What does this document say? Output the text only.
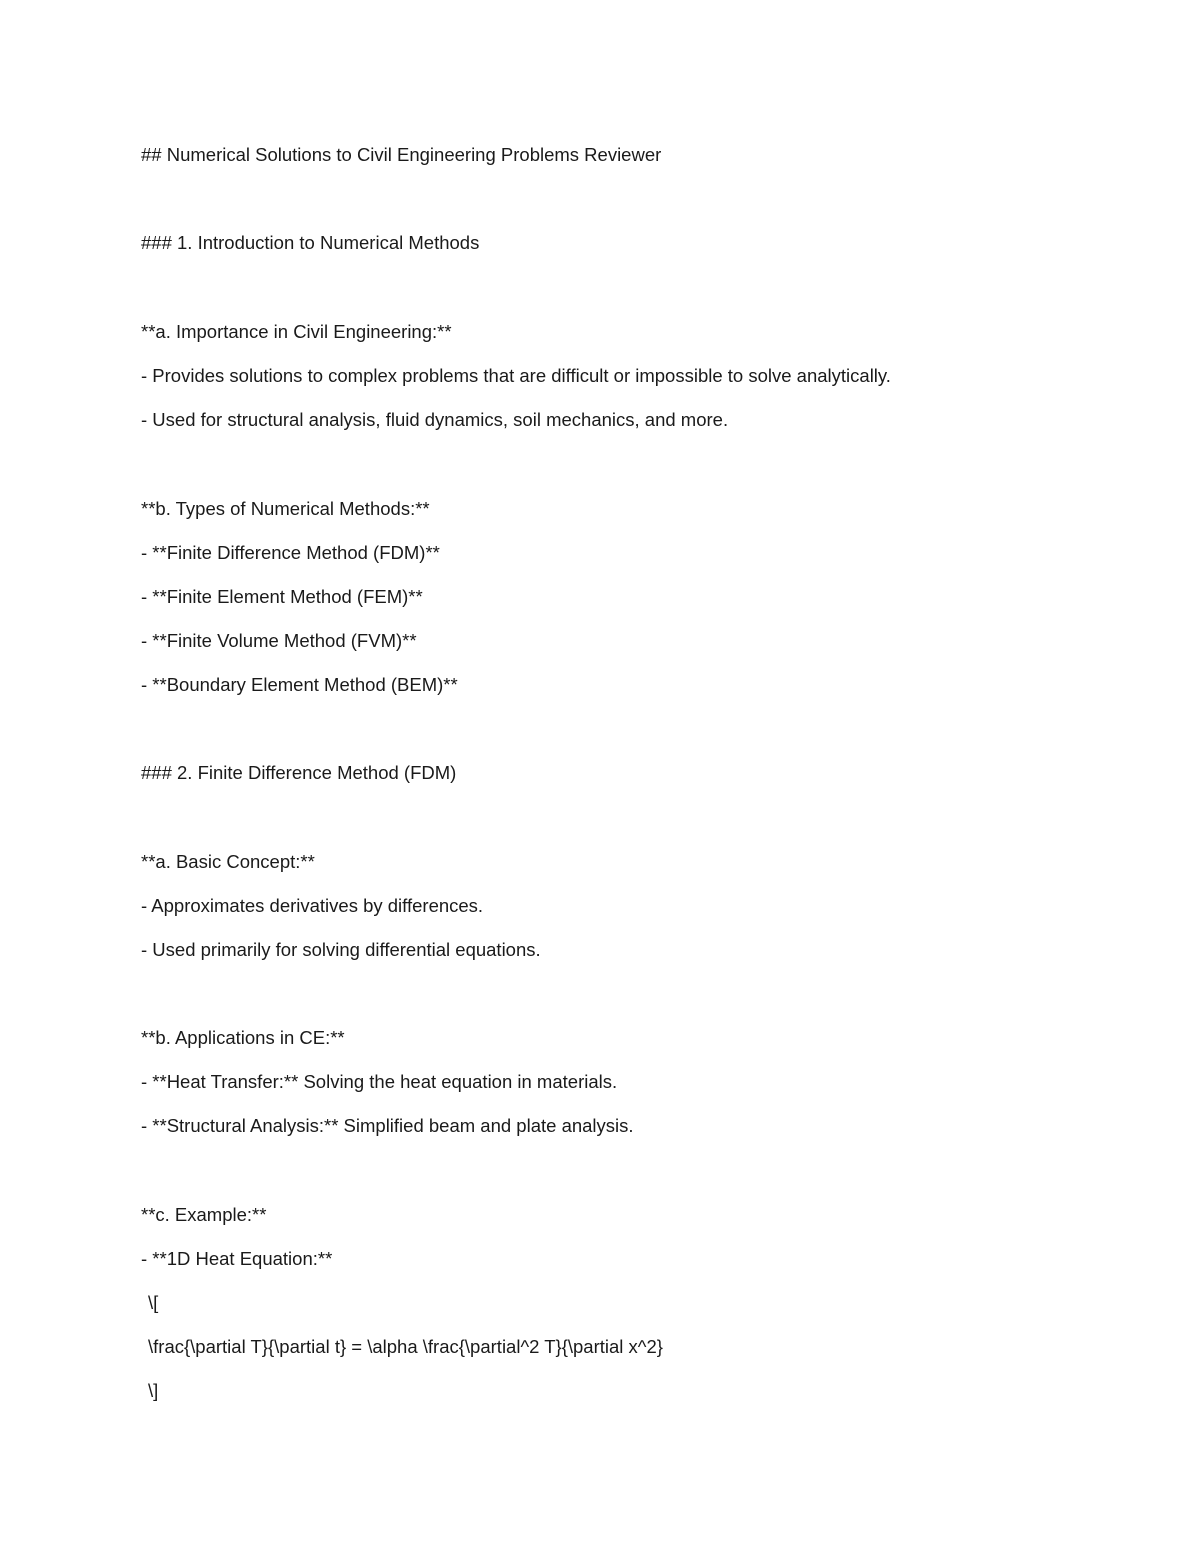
## Numerical Solutions to Civil Engineering Problems Reviewer
### 1. Introduction to Numerical Methods
**a. Importance in Civil Engineering:**
- Provides solutions to complex problems that are difficult or impossible to solve analytically.
- Used for structural analysis, fluid dynamics, soil mechanics, and more.
**b. Types of Numerical Methods:**
- **Finite Difference Method (FDM)**
- **Finite Element Method (FEM)**
- **Finite Volume Method (FVM)**
- **Boundary Element Method (BEM)**
### 2. Finite Difference Method (FDM)
**a. Basic Concept:**
- Approximates derivatives by differences.
- Used primarily for solving differential equations.
**b. Applications in CE:**
- **Heat Transfer:** Solving the heat equation in materials.
- **Structural Analysis:** Simplified beam and plate analysis.
**c. Example:**
- **1D Heat Equation:**
\[
\frac{\partial T}{\partial t} = \alpha \frac{\partial^2 T}{\partial x^2}
\]
